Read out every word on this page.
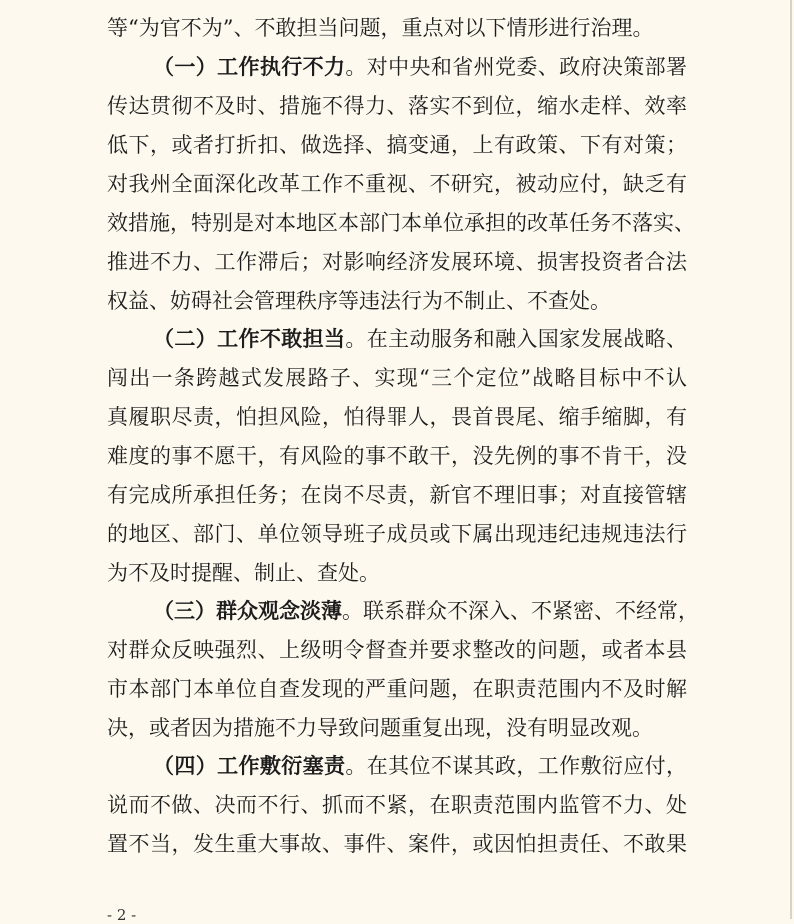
等“为官不为”、不敢担当问题，重点对以下情形进行治理。
（一）工作执行不力。对中央和省州党委、政府决策部署
传达贯彻不及时、措施不得力、落实不到位，缩水走样、效率
低下，或者打折扣、做选择、搞变通，上有政策、下有对策；
对我州全面深化改革工作不重视、不研究，被动应付，缺乏有
效措施，特别是对本地区本部门本单位承担的改革任务不落实、
推进不力、工作滞后；对影响经济发展环境、损害投资者合法
权益、妨碍社会管理秩序等违法行为不制止、不查处。
（二）工作不敢担当。在主动服务和融入国家发展战略、
闯出一条跨越式发展路子、实现“三个定位”战略目标中不认
真履职尽责，怕担风险，怕得罪人，畏首畏尾、缩手缩脚，有
难度的事不愿干，有风险的事不敢干，没先例的事不肯干，没
有完成所承担任务；在岗不尽责，新官不理旧事；对直接管辖
的地区、部门、单位领导班子成员或下属出现违纪违规违法行
为不及时提醒、制止、查处。
（三）群众观念淡薄。联系群众不深入、不紧密、不经常，
对群众反映强烈、上级明令督查并要求整改的问题，或者本县
市本部门本单位自查发现的严重问题，在职责范围内不及时解
决，或者因为措施不力导致问题重复出现，没有明显改观。
（四）工作敷衍塞责。在其位不谋其政，工作敷衍应付，
说而不做、决而不行、抓而不紧，在职责范围内监管不力、处
置不当，发生重大事故、事件、案件，或因怕担责任、不敢果
- 2 -
